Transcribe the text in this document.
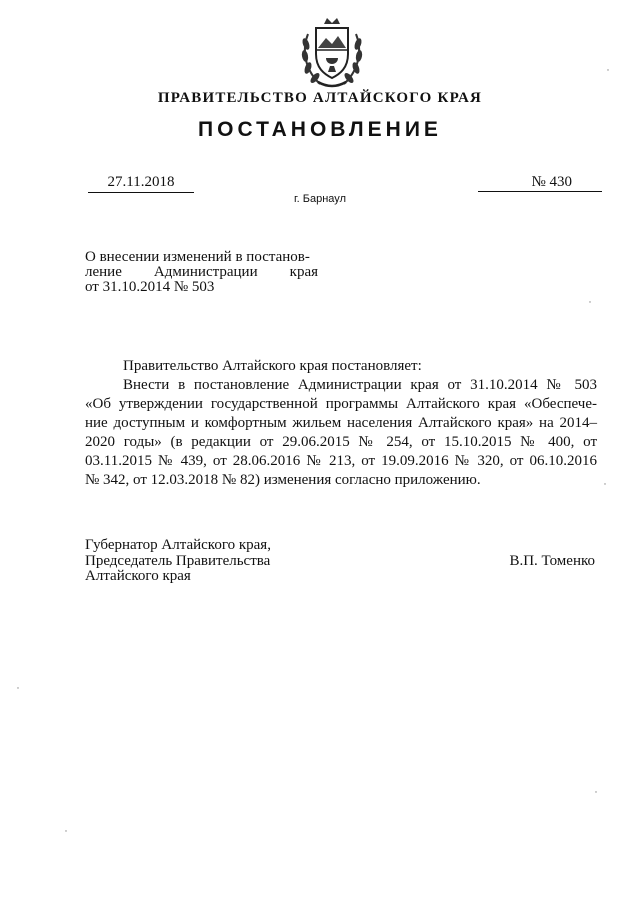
ПРАВИТЕЛЬСТВО АЛТАЙСКОГО КРАЯ
ПОСТАНОВЛЕНИЕ
27.11.2018	№ 430
г. Барнаул
О внесении изменений в постанов-
ление Администрации края
от 31.10.2014 № 503
Правительство Алтайского края постановляет:
Внести в постановление Администрации края от 31.10.2014 № 503
«Об утверждении государственной программы Алтайского края «Обеспече-
ние доступным и комфортным жильем населения Алтайского края» на 2014–
2020 годы» (в редакции от 29.06.2015 № 254, от 15.10.2015 № 400, от
03.11.2015 № 439, от 28.06.2016 № 213, от 19.09.2016 № 320, от 06.10.2016
№ 342, от 12.03.2018 № 82) изменения согласно приложению.
Губернатор Алтайского края,
Председатель Правительства
Алтайского края
В.П. Томенко
